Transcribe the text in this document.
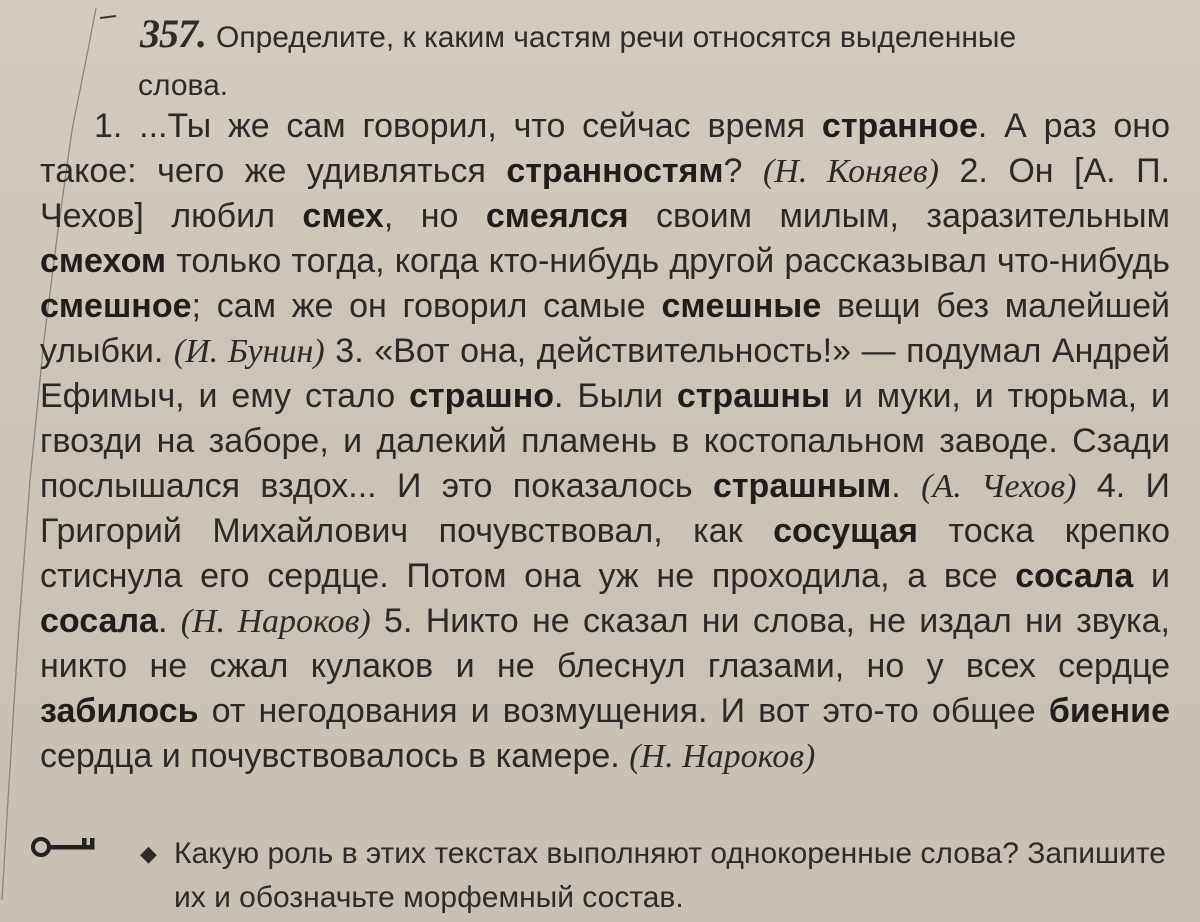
357. Определите, к каким частям речи относятся выделенные
слова.

1. ...Ты же сам говорил, что сейчас время странное. А раз оно такое: чего же удивляться странностям? (Н. Коняев) 2. Он [А. П. Чехов] любил смех, но смеялся своим милым, заразительным смехом только тогда, когда кто-нибудь другой рассказывал что-нибудь смешное; сам же он говорил самые смешные вещи без малейшей улыбки. (И. Бунин) 3. «Вот она, действительность!» — подумал Андрей Ефимыч, и ему стало страшно. Были страшны и муки, и тюрьма, и гвозди на заборе, и далекий пламень в костопальном заводе. Сзади послышался вздох... И это показалось страшным. (А. Чехов) 4. И Григорий Михайлович почувствовал, как сосущая тоска крепко стиснула его сердце. Потом она уж не проходила, а все сосала и сосала. (Н. Нароков) 5. Никто не сказал ни слова, не издал ни звука, никто не сжал кулаков и не блеснул глазами, но у всех сердце забилось от негодования и возмущения. И вот это-то общее биение сердца и почувствовалось в камере. (Н. Нароков)

◆ Какую роль в этих текстах выполняют однокоренные слова? Запишите их и обозначьте морфемный состав.
